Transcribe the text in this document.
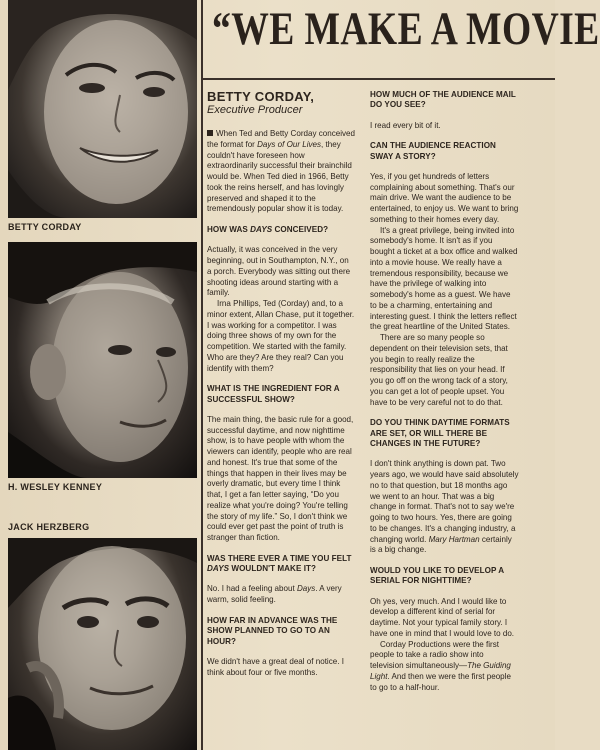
BETTY CORDAY
H. WESLEY KENNEY
JACK HERZBERG
“WE MAKE A MOVIE
BETTY CORDAY,
Executive Producer

When Ted and Betty Corday conceived the format for Days of Our Lives, they couldn't have foreseen how extraordinarily successful their brainchild would be. When Ted died in 1966, Betty took the reins herself, and has lovingly preserved and shaped it to the tremendously popular show it is today.

HOW WAS DAYS CONCEIVED?

Actually, it was conceived in the very beginning, out in Southampton, N.Y., on a porch. Everybody was sitting out there shooting ideas around starting with a family.

Irna Phillips, Ted (Corday) and, to a minor extent, Allan Chase, put it together. I was working for a competitor. I was doing three shows of my own for the competition. We started with the family. Who are they? Are they real? Can you identify with them?

WHAT IS THE INGREDIENT FOR A SUCCESSFUL SHOW?

The main thing, the basic rule for a good, successful daytime, and now nighttime show, is to have people with whom the viewers can identify, people who are real and honest. It's true that some of the things that happen in their lives may be overly dramatic, but every time I think that, I get a fan letter saying, “Do you realize what you're doing? You're telling the story of my life.” So, I don't think we could ever get past the point of truth is stranger than fiction.

WAS THERE EVER A TIME YOU FELT DAYS WOULDN'T MAKE IT?

No. I had a feeling about Days. A very warm, solid feeling.

HOW FAR IN ADVANCE WAS THE SHOW PLANNED TO GO TO AN HOUR?

We didn't have a great deal of notice. I think about four or five months.

HOW MUCH OF THE AUDIENCE MAIL DO YOU SEE?

I read every bit of it.

CAN THE AUDIENCE REACTION SWAY A STORY?

Yes, if you get hundreds of letters complaining about something. That's our main drive. We want the audience to be entertained, to enjoy us. We want to bring something to their homes every day.

It's a great privilege, being invited into somebody's home. It isn't as if you bought a ticket at a box office and walked into a movie house. We really have a tremendous responsibility, because we have the privilege of walking into somebody's home as a guest. We have to be a charming, entertaining and interesting guest. I think the letters reflect the great heartline of the United States.

There are so many people so dependent on their television sets, that you begin to really realize the responsibility that lies on your head. If you go off on the wrong tack of a story, you can get a lot of people upset. You have to be very careful not to do that.

DO YOU THINK DAYTIME FORMATS ARE SET, OR WILL THERE BE CHANGES IN THE FUTURE?

I don't think anything is down pat. Two years ago, we would have said absolutely no to that question, but 18 months ago we went to an hour. That was a big change in format. That's not to say we're going to two hours. Yes, there are going to be changes. It's a changing industry, a changing world. Mary Hartman certainly is a big change.

WOULD YOU LIKE TO DEVELOP A SERIAL FOR NIGHTTIME?

Oh yes, very much. And I would like to develop a different kind of serial for daytime. Not your typical family story. I have one in mind that I would love to do.

Corday Productions were the first people to take a radio show into television simultaneously—The Guiding Light. And then we were the first people to go to a half-hour.
